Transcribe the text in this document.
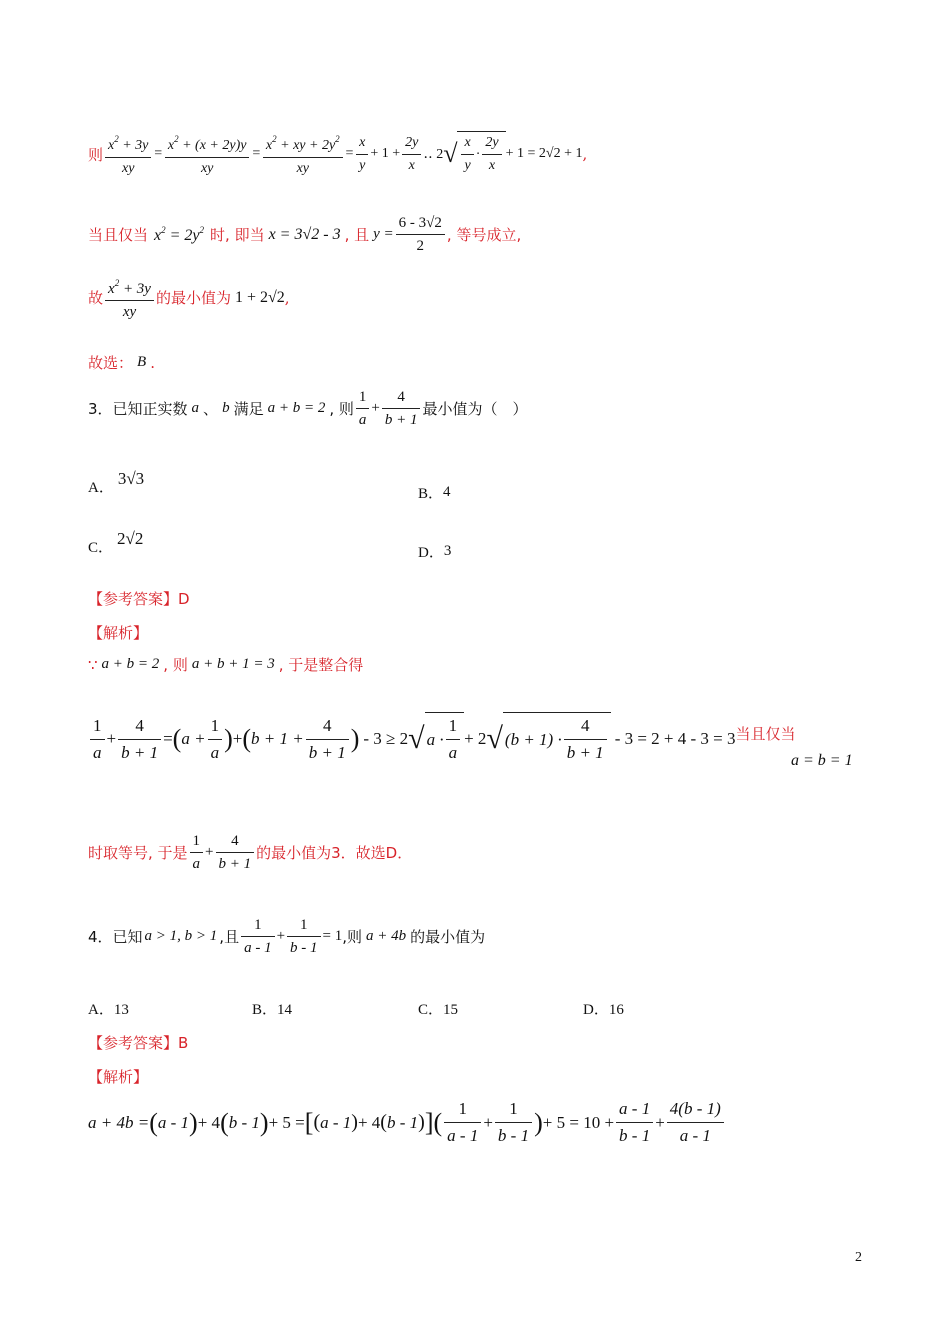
则 $\frac{x^2 + 3y}{xy} = \frac{x^2 + (x + 2y)y}{xy} = \frac{x^2 + xy + 2y^2}{xy} = \frac{x}{y} + 1 + \frac{2y}{x}$ ‥ 2 √ $\frac{x}{y} \cdot \frac{2y}{x} + 1 = 2√2 + 1$ ,
当且仅当 $x^2 = 2y^2$ 时, 即当 x = 3√2 - 3 , 且 $y = \frac{6 - 3√2}{2}$ , 等号成立,
故 $\frac{x^2 + 3y}{xy}$ 的最小值为 1 + 2√2 ,
故选： B .
3．已知正实数 a 、 b 满足 a + b = 2 , 则 $\frac{1}{a} + \frac{4}{b + 1}$ 最小值为（　）
A．
3√3
B． 4
C．
2√2
D． 3
【参考答案】D
【解析】
∵ a + b = 2 , 则 a + b + 1 = 3 , 于是整合得
$\frac{1}{a} + \frac{4}{b + 1}$ = ( $a + \frac{1}{a}$ ) + ( $b + 1 + \frac{4}{b + 1}$ ) - 3 ≥ 2 √ $a \cdot \frac{1}{a} + 2$ √ $(b + 1) \cdot \frac{4}{b + 1} - 3 = 2 + 4 - 3 = 3$ 当且仅当
a = b = 1
时取等号, 于是 $\frac{1}{a} + \frac{4}{b + 1}$ 的最小值为3．故选D．
4．已知 a > 1, b > 1 ,且 $\frac{1}{a - 1} + \frac{1}{b - 1} = 1$ ,则 a + 4b 的最小值为
A．13	B．14	C．15	D．16
【参考答案】B
【解析】
a + 4b = ( a - 1 ) + 4 ( b - 1 ) + 5 = [ ( a - 1 ) + 4 ( b - 1 ) ] ( $\frac{1}{a - 1} + \frac{1}{b - 1}$ ) + $5 = 10 + \frac{a - 1}{b - 1} + \frac{4(b - 1)}{a - 1}$
2
